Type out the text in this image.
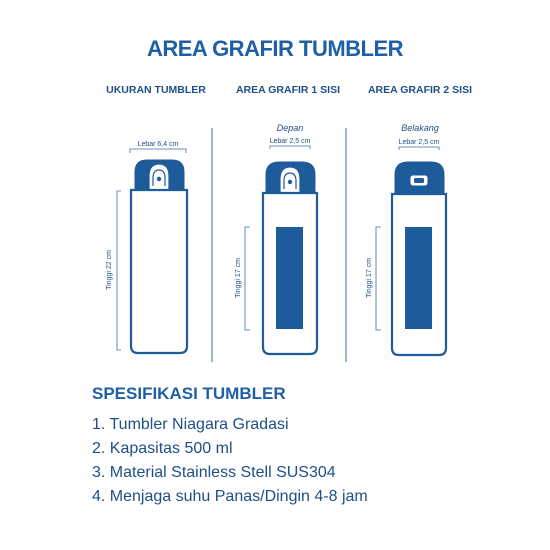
AREA GRAFIR TUMBLER
UKURAN TUMBLER	AREA GRAFIR 1 SISI	AREA GRAFIR 2 SISI
Depan	Belakang
Lebar 6,4 cm
Tinggi 22 cm
Lebar 2,5 cm
Tinggi 17 cm
Lebar 2,5 cm
Tinggi 17 cm
SPESIFIKASI TUMBLER
1. Tumbler Niagara Gradasi
2. Kapasitas 500 ml
3. Material Stainless Stell SUS304
4. Menjaga suhu Panas/Dingin 4-8 jam
